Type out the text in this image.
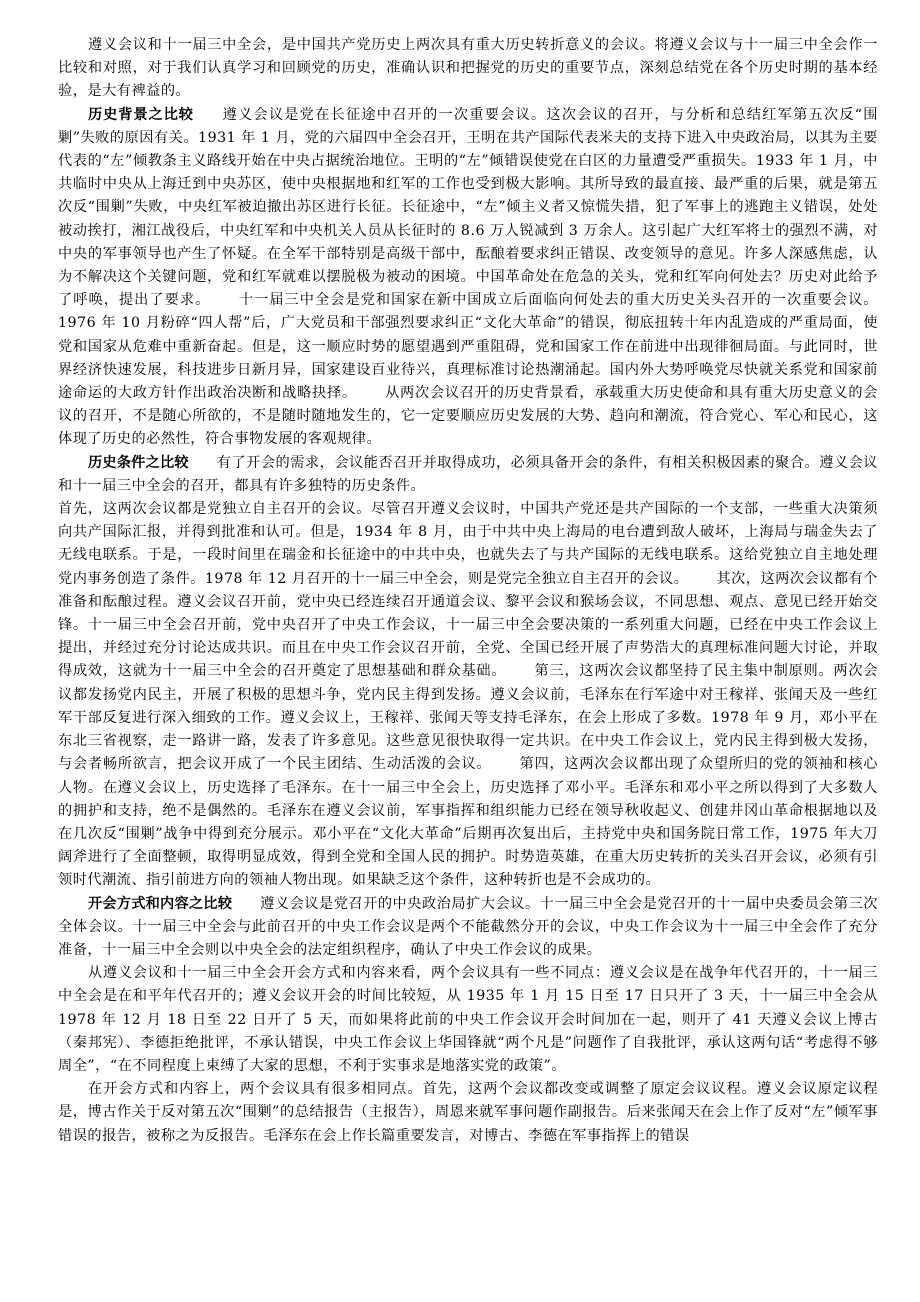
遵义会议和十一届三中全会，是中国共产党历史上两次具有重大历史转折意义的会议。将遵义会议与十一届三中全会作一比较和对照，对于我们认真学习和回顾党的历史，准确认识和把握党的历史的重要节点，深刻总结党在各个历史时期的基本经验，是大有裨益的。

历史背景之比较 遵义会议是党在长征途中召开的一次重要会议。这次会议的召开，与分析和总结红军第五次反“围剿”失败的原因有关。1931 年 1 月，党的六届四中全会召开，王明在共产国际代表米夫的支持下进入中央政治局，以其为主要代表的“左”倾教条主义路线开始在中央占据统治地位。王明的“左”倾错误使党在白区的力量遭受严重损失。1933 年 1 月，中共临时中央从上海迁到中央苏区，使中央根据地和红军的工作也受到极大影响。其所导致的最直接、最严重的后果，就是第五次反“围剿”失败，中央红军被迫撤出苏区进行长征。长征途中，“左”倾主义者又惊慌失措，犯了军事上的逃跑主义错误，处处被动挨打，湘江战役后，中央红军和中央机关人员从长征时的 8.6 万人锐减到 3 万余人。这引起广大红军将士的强烈不满，对中央的军事领导也产生了怀疑。在全军干部特别是高级干部中，酝酿着要求纠正错误、改变领导的意见。许多人深感焦虑，认为不解决这个关键问题，党和红军就难以摆脱极为被动的困境。中国革命处在危急的关头，党和红军向何处去？历史对此给予了呼唤，提出了要求。 十一届三中全会是党和国家在新中国成立后面临向何处去的重大历史关头召开的一次重要会议。1976 年 10 月粉碎“四人帮”后，广大党员和干部强烈要求纠正“文化大革命”的错误，彻底扭转十年内乱造成的严重局面，使党和国家从危难中重新奋起。但是，这一顺应时势的愿望遇到严重阻碍，党和国家工作在前进中出现徘徊局面。与此同时，世界经济快速发展，科技进步日新月异，国家建设百业待兴，真理标准讨论热潮涌起。国内外大势呼唤党尽快就关系党和国家前途命运的大政方针作出政治决断和战略抉择。 从两次会议召开的历史背景看，承载重大历史使命和具有重大历史意义的会议的召开，不是随心所欲的，不是随时随地发生的，它一定要顺应历史发展的大势、趋向和潮流，符合党心、军心和民心，这体现了历史的必然性，符合事物发展的客观规律。

历史条件之比较 有了开会的需求，会议能否召开并取得成功，必须具备开会的条件，有相关积极因素的聚合。遵义会议和十一届三中全会的召开，都具有许多独特的历史条件。

首先，这两次会议都是党独立自主召开的会议。尽管召开遵义会议时，中国共产党还是共产国际的一个支部，一些重大决策须向共产国际汇报，并得到批准和认可。但是，1934 年 8 月，由于中共中央上海局的电台遭到敌人破坏，上海局与瑞金失去了无线电联系。于是，一段时间里在瑞金和长征途中的中共中央，也就失去了与共产国际的无线电联系。这给党独立自主地处理党内事务创造了条件。1978 年 12 月召开的十一届三中全会，则是党完全独立自主召开的会议。 其次，这两次会议都有个准备和酝酿过程。遵义会议召开前，党中央已经连续召开通道会议、黎平会议和猴场会议，不同思想、观点、意见已经开始交锋。十一届三中全会召开前，党中央召开了中央工作会议，十一届三中全会要决策的一系列重大问题，已经在中央工作会议上提出，并经过充分讨论达成共识。而且在中央工作会议召开前，全党、全国已经开展了声势浩大的真理标准问题大讨论，并取得成效，这就为十一届三中全会的召开奠定了思想基础和群众基础。 第三，这两次会议都坚持了民主集中制原则。两次会议都发扬党内民主，开展了积极的思想斗争，党内民主得到发扬。遵义会议前，毛泽东在行军途中对王稼祥、张闻天及一些红军干部反复进行深入细致的工作。遵义会议上，王稼祥、张闻天等支持毛泽东，在会上形成了多数。1978 年 9 月，邓小平在东北三省视察，走一路讲一路，发表了许多意见。这些意见很快取得一定共识。在中央工作会议上，党内民主得到极大发扬，与会者畅所欲言，把会议开成了一个民主团结、生动活泼的会议。 第四，这两次会议都出现了众望所归的党的领袖和核心人物。在遵义会议上，历史选择了毛泽东。在十一届三中全会上，历史选择了邓小平。毛泽东和邓小平之所以得到了大多数人的拥护和支持，绝不是偶然的。毛泽东在遵义会议前，军事指挥和组织能力已经在领导秋收起义、创建井冈山革命根据地以及在几次反“围剿”战争中得到充分展示。邓小平在“文化大革命”后期再次复出后，主持党中央和国务院日常工作，1975 年大刀阔斧进行了全面整顿，取得明显成效，得到全党和全国人民的拥护。时势造英雄，在重大历史转折的关头召开会议，必须有引领时代潮流、指引前进方向的领袖人物出现。如果缺乏这个条件，这种转折也是不会成功的。

开会方式和内容之比较 遵义会议是党召开的中央政治局扩大会议。十一届三中全会是党召开的十一届中央委员会第三次全体会议。十一届三中全会与此前召开的中央工作会议是两个不能截然分开的会议，中央工作会议为十一届三中全会作了充分准备，十一届三中全会则以中央全会的法定组织程序，确认了中央工作会议的成果。

从遵义会议和十一届三中全会开会方式和内容来看，两个会议具有一些不同点：遵义会议是在战争年代召开的，十一届三中全会是在和平年代召开的；遵义会议开会的时间比较短，从 1935 年 1 月 15 日至 17 日只开了 3 天，十一届三中全会从 1978 年 12 月 18 日至 22 日开了 5 天，而如果将此前的中央工作会议开会时间加在一起，则开了 41 天遵义会议上博古（秦邦宪）、李德拒绝批评，不承认错误，中央工作会议上华国锋就“两个凡是”问题作了自我批评，承认这两句话“考虑得不够周全”，“在不同程度上束缚了大家的思想，不利于实事求是地落实党的政策”。

在开会方式和内容上，两个会议具有很多相同点。首先，这两个会议都改变或调整了原定会议议程。遵义会议原定议程是，博古作关于反对第五次“围剿”的总结报告（主报告），周恩来就军事问题作副报告。后来张闻天在会上作了反对“左”倾军事错误的报告，被称之为反报告。毛泽东在会上作长篇重要发言，对博古、李德在军事指挥上的错误
